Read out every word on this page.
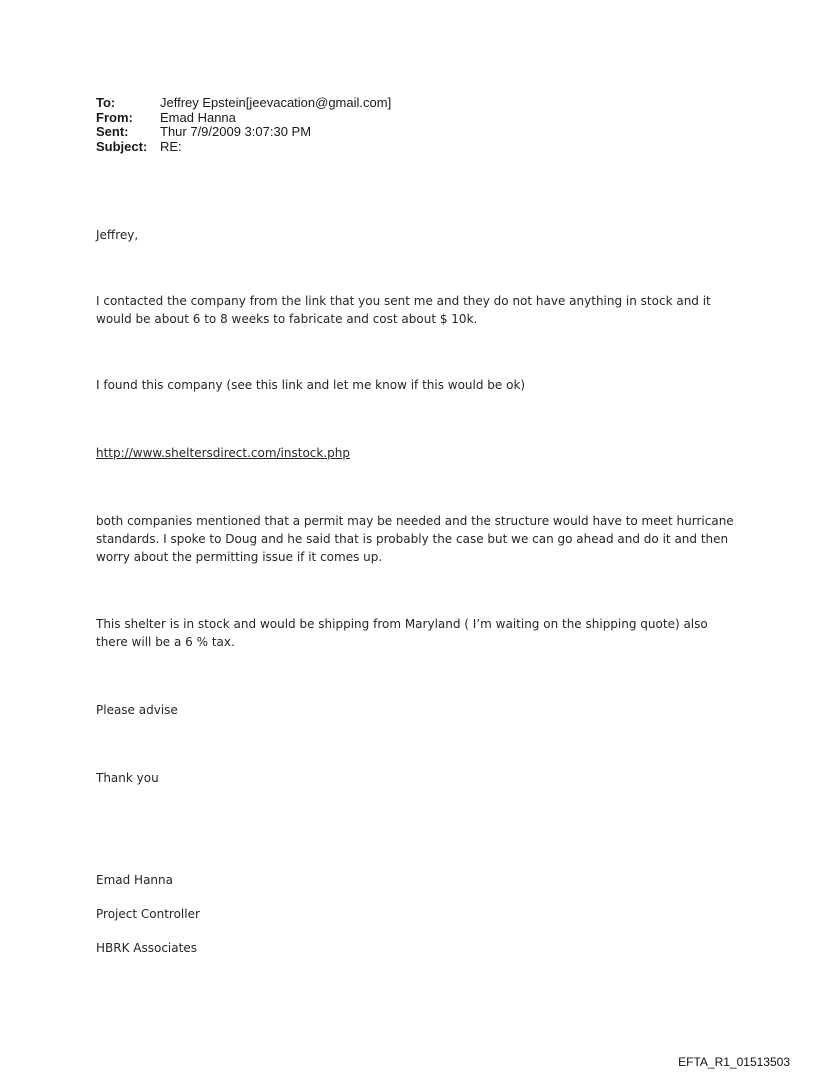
To:	Jeffrey Epstein[jeevacation@gmail.com]
From:	Emad Hanna
Sent:	Thur 7/9/2009 3:07:30 PM
Subject: RE:

Jeffrey,

I contacted the company from the link that you sent me and they do not have anything in stock and it would be about 6 to 8 weeks to fabricate and cost about $ 10k.

I found this company (see this link and let me know if this would be ok)

http://www.sheltersdirect.com/instock.php

both companies mentioned that a permit may be needed and the structure would have to meet hurricane standards. I spoke to Doug and he said that is probably the case but we can go ahead and do it and then worry about the permitting issue if it comes up.

This shelter is in stock and would be shipping from Maryland ( I’m waiting on the shipping quote) also there will be a 6 % tax.

Please advise

Thank you

Emad Hanna

Project Controller

HBRK Associates

EFTA_R1_01513503
